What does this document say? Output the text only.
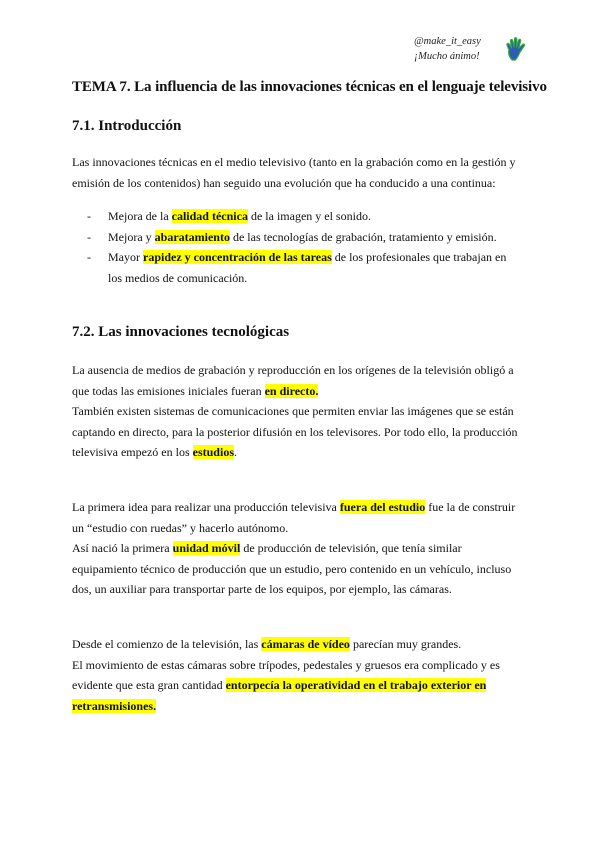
@make_it_easy
¡Mucho ánimo!
TEMA 7. La influencia de las innovaciones técnicas en el lenguaje televisivo
7.1. Introducción
Las innovaciones técnicas en el medio televisivo (tanto en la grabación como en la gestión y
emisión de los contenidos) han seguido una evolución que ha conducido a una continua:
- Mejora de la calidad técnica de la imagen y el sonido.
- Mejora y abaratamiento de las tecnologías de grabación, tratamiento y emisión.
- Mayor rapidez y concentración de las tareas de los profesionales que trabajan en
los medios de comunicación.
7.2. Las innovaciones tecnológicas
La ausencia de medios de grabación y reproducción en los orígenes de la televisión obligó a
que todas las emisiones iniciales fueran en directo.
También existen sistemas de comunicaciones que permiten enviar las imágenes que se están
captando en directo, para la posterior difusión en los televisores. Por todo ello, la producción
televisiva empezó en los estudios.
La primera idea para realizar una producción televisiva fuera del estudio fue la de construir
un “estudio con ruedas” y hacerlo autónomo.
Así nació la primera unidad móvil de producción de televisión, que tenía similar
equipamiento técnico de producción que un estudio, pero contenido en un vehículo, incluso
dos, un auxiliar para transportar parte de los equipos, por ejemplo, las cámaras.
Desde el comienzo de la televisión, las cámaras de vídeo parecían muy grandes.
El movimiento de estas cámaras sobre trípodes, pedestales y gruesos era complicado y es
evidente que esta gran cantidad entorpecía la operatividad en el trabajo exterior en
retransmisiones.
